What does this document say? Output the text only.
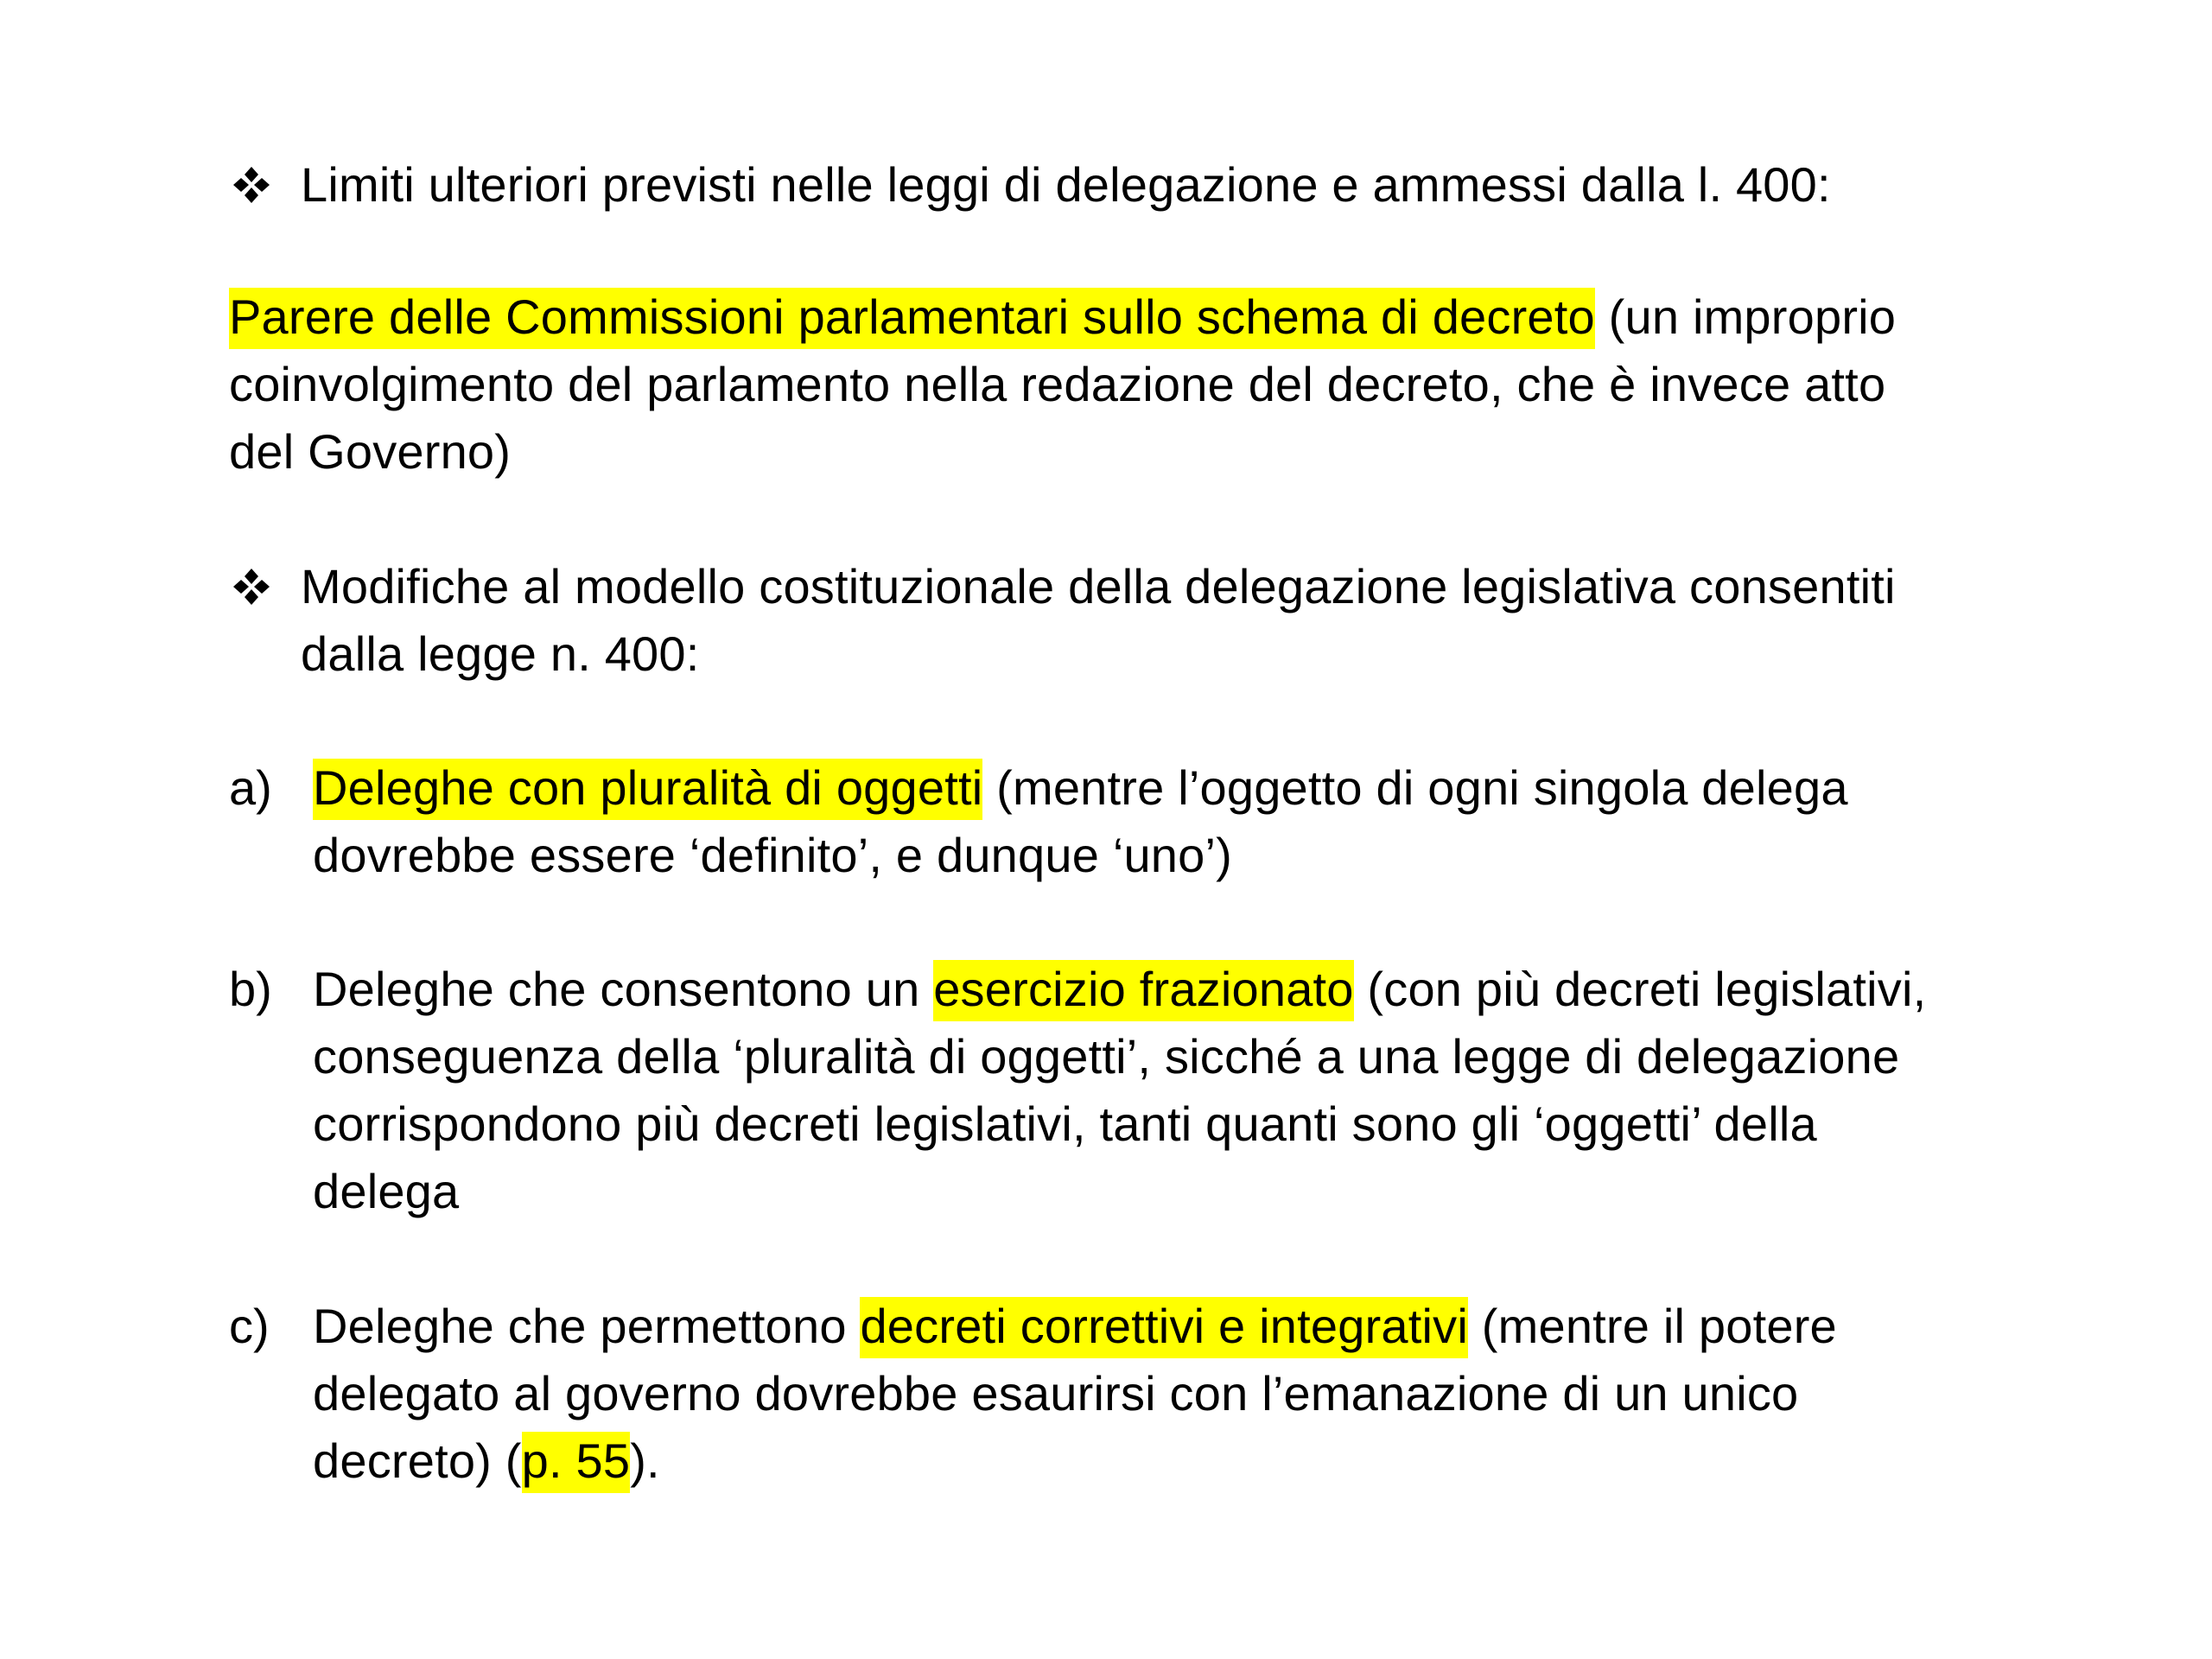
Limiti ulteriori previsti nelle leggi di delegazione e ammessi dalla l. 400:
Parere delle Commissioni parlamentari sullo schema di decreto (un improprio
coinvolgimento del parlamento nella redazione del decreto, che è invece atto
del Governo)
Modifiche al modello costituzionale della delegazione legislativa consentiti
dalla legge n. 400:
a) Deleghe con pluralità di oggetti (mentre l’oggetto di ogni singola delega
dovrebbe essere ‘definito’, e dunque ‘uno’)
b) Deleghe che consentono un esercizio frazionato (con più decreti legislativi,
conseguenza della ‘pluralità di oggetti’, sicché a una legge di delegazione
corrispondono più decreti legislativi, tanti quanti sono gli ‘oggetti’ della
delega
c) Deleghe che permettono decreti correttivi e integrativi (mentre il potere
delegato al governo dovrebbe esaurirsi con l’emanazione di un unico
decreto) (p. 55).
